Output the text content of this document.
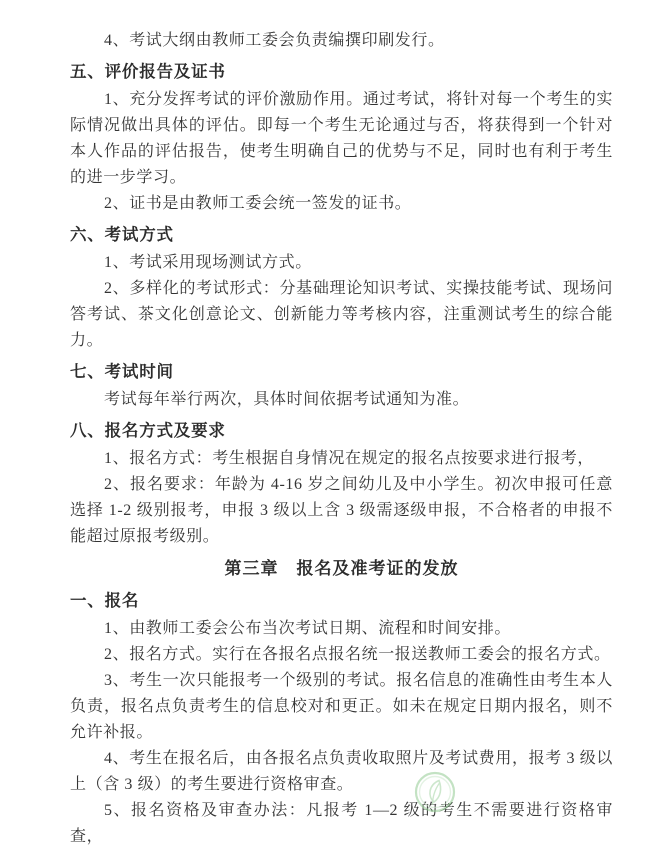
4、考试大纲由教师工委会负责编撰印刷发行。

五、评价报告及证书

1、充分发挥考试的评价激励作用。通过考试，将针对每一个考生的实际情况做出具体的评估。即每一个考生无论通过与否，将获得到一个针对本人作品的评估报告，使考生明确自己的优势与不足，同时也有利于考生的进一步学习。

2、证书是由教师工委会统一签发的证书。

六、考试方式

1、考试采用现场测试方式。

2、多样化的考试形式：分基础理论知识考试、实操技能考试、现场问答考试、茶文化创意论文、创新能力等考核内容，注重测试考生的综合能力。

七、考试时间

考试每年举行两次，具体时间依据考试通知为准。

八、报名方式及要求

1、报名方式：考生根据自身情况在规定的报名点按要求进行报考，

2、报名要求：年龄为 4-16 岁之间幼儿及中小学生。初次申报可任意选择 1-2 级别报考，申报 3 级以上含 3 级需逐级申报，不合格者的申报不能超过原报考级别。

第三章　报名及准考证的发放

一、报名

1、由教师工委会公布当次考试日期、流程和时间安排。

2、报名方式。实行在各报名点报名统一报送教师工委会的报名方式。

3、考生一次只能报考一个级别的考试。报名信息的准确性由考生本人负责，报名点负责考生的信息校对和更正。如未在规定日期内报名，则不允许补报。

4、考生在报名后，由各报名点负责收取照片及考试费用，报考 3 级以上（含 3 级）的考生要进行资格审查。

5、报名资格及审查办法：凡报考 1—2 级的考生不需要进行资格审查，
